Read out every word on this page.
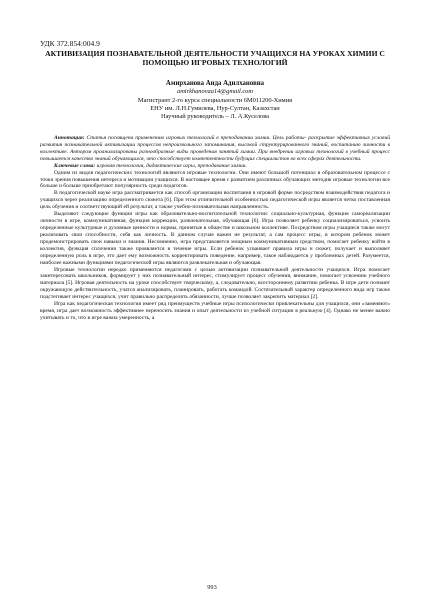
УДК 372.854:004.9
АКТИВИЗАЦИЯ ПОЗНАВАТЕЛЬНОЙ ДЕЯТЕЛЬНОСТИ УЧАЩИХСЯ НА УРОКАХ ХИМИИ С ПОМОЩЬЮ ИГРОВЫХ ТЕХНОЛОГИЙ
Амирханова Аида Адилхановна
amirkhanovaa14@gmail.com
Магистрант 2-го курса специальности 6М011200-Химия
ЕНУ им. Л.Н.Гумилева, Нур-Султан, Казахстан
Научный руководитель – Л. А.Куселова

Аннотация: Статья посвящена применению игровых технологий в преподавании химии. Цель работы- раскрытие эффективных условий развития познавательной активизации процессов непроизвольного запоминания, высокой структурированного знаний, воспитанию личности в коллективе. Автором проанализированы разнообразные виды проведения занятий химии. При внедрении игровых технологий в учебный процесс повышается качество знаний обучающихся, что способствует компетентности будущих специалистов во всех сферах деятельности.

Ключевые слова: игровая технология, дидактические игры, преподавание химии.

Одним из видов педагогических технологий являются игровые технологии. Они имеют большой потенциал в образовательном процессе с точки зрения повышения интереса и мотивации учащихся. В настоящее время с развитием различных обучающих методик игровые технологии все больше и больше приобретают популярность среди педагогов.

В педагогической науке игра рассматривается как способ организации воспитания в игровой форме посредством взаимодействия педагога и учащихся через реализацию определенного сюжета [6]. При этом отличительной особенностью педагогической игры является четко поставленная цель обучения и соответствующий ей результат, а также учебно-познавательная направленность.

Выделяют следующие функции игры как образовательно-воспитательной технологии: социально-культурная, функция самореализации личности в игре, коммуникативная, функция коррекции, развлекательная, обучающая [6]. Игра позволяет ребенку социализироваться, усвоить определенные культурные и духовные ценности и нормы, принятые в обществе и школьном коллективе. Посредством игры учащиеся также могут реализовать свои способности, себя как личность. В данном случае важен не результат, а сам процесс игры, в котором ребенок может продемонстрировать свои навыки и знания. Несомненно, игра представляется мощным коммуникативным средством, помогает ребенку войти в коллектив, функция сплочения также проявляется в течение игры. Если ребенок усваивает правила игры и сюжет, получает и выполняет определенную роль в игре, это дает ему возможность корректировать поведение, например, такое наблюдается у проблемных детей. Разумеется, наиболее важными функциями педагогической игры являются развлекательная и обучающая.

Игровые технологии нередко применяются педагогами с целью активизации познавательной деятельности учащихся. Игра помогает заинтересовать школьников, формирует у них познавательный интерес, стимулирует процесс обучения, внимание, помогает усвоению учебного материала [5]. Игровая деятельность на уроке способствует творческому, а, следовательно, всестороннему развитию ребенка. В игре дети познают окружающую действительность, учатся анализировать, планировать, работать командой. Состязательный характер определенного вида игр также подстегивает интерес учащихся, учит правильно распределять обязанности, лучше позволяет закрепить материал [2].

Игра как педагогическая технология имеет ряд преимуществ учебные игры психологически привлекательны для учащихся, они «заменяют» время, игра дает возможность эффективнее переносить знания и опыт деятельности из учебной ситуации в реальную [4]. Однако не менее важно учитывать и то, что в игре важна умеренность, а

993
